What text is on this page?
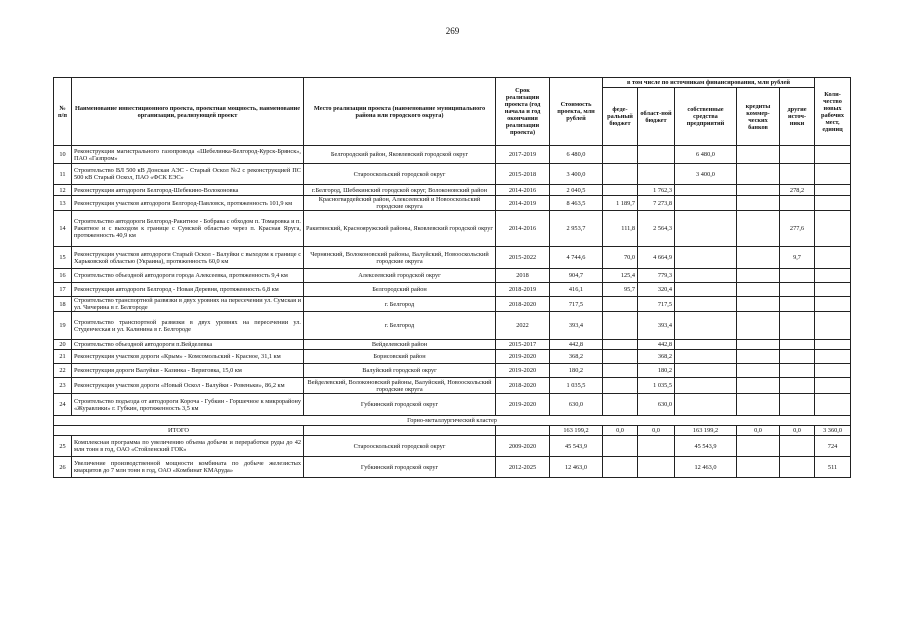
269
№ п/п	Наименование инвестиционного проекта, проектная мощность, наименование организации, реализующей проект	Место реализации проекта (наименование муниципального района или городского округа)	Срок реализации проекта (год начала и год окончания реализации проекта)	Стоимость проекта, млн рублей	в том числе по источникам финансирования, млн рублей					Коли-чество новых рабочих мест, единиц
					феде-ральный бюджет	област-ной бюджет	собственные средства предприятий	кредиты коммер-ческих банков	другие источ-ники	
10	Реконструкция магистрального газопровода «Шебелинка-Белгород-Курск-Брянск», ПАО «Газпром»	Белгородский район, Яковлевский городской округ	2017-2019	6 480,0			6 480,0			
11	Строительство ВЛ 500 кВ Донская АЭС - Старый Оскол №2 с реконструкцией ПС 500 кВ Старый Оскол, ПАО «ФСК ЕЭС»	Старооскольский городской округ	2015-2018	3 400,0			3 400,0			
12	Реконструкция автодороги Белгород-Шебекино-Волоконовка	г.Белгород, Шебекинский городской округ, Волоконовский район	2014-2016	2 040,5		1 762,3			278,2	
13	Реконструкция участков автодороги Белгород-Павловск, протяженность 101,9 км	Красногвардейский район, Алексеевский и Новооскольский городские округа	2014-2019	8 463,5	1 189,7	7 273,8				
14	Строительство автодороги Белгород-Ракитное - Бобрава с обходом п. Томаровка и п. Ракитное и с выходом к границе с Сумской областью через п. Красная Яруга, протяженность 40,9 км	Ракитянский, Краснояружский районы, Яковлевский городской округ	2014-2016	2 953,7	111,8	2 564,3			277,6	
15	Реконструкция участков автодороги Старый Оскол - Валуйки с выходом к границе с Харьковской областью (Украина), протяженность 60,0 км	Чернянский, Волоконовский районы, Валуйский, Новооскольский городские округа	2015-2022	4 744,6	70,0	4 664,9			9,7	
16	Строительство объездной автодороги города Алексеевка, протяженность 9,4 км	Алексеевский городской округ	2018	904,7	125,4	779,3				
17	Реконструкция автодороги Белгород - Новая Деревня, протяженность 6,8 км	Белгородский район	2018-2019	416,1	95,7	320,4				
18	Строительство транспортной развязки в двух уровнях на пересечении ул. Сумская и ул. Чичерина в г. Белгороде	г. Белгород	2018-2020	717,5		717,5				
19	Строительство транспортной развязки в двух уровнях на пересечении ул. Студенческая и ул. Калинина в г. Белгороде	г. Белгород	2022	393,4		393,4				
20	Строительство объездной автодороги п.Вейделевка	Вейделевский район	2015-2017	442,8		442,8				
21	Реконструкция участков дороги «Крым» - Комсомольский - Красное, 31,1 км	Борисовский район	2019-2020	368,2		368,2				
22	Реконструкция дороги Валуйки - Казинка - Вериговка, 15,0 км	Валуйский городской округ	2019-2020	180,2		180,2				
23	Реконструкция участков дороги «Новый Оскол - Валуйки - Ровеньки», 86,2 км	Вейделевский, Волоконовский районы, Валуйский, Новооскольский городские округа	2018-2020	1 035,5		1 035,5				
24	Строительство подъезда от автодороги Короча - Губкин - Горшечное к микрорайону «Журавлики» г. Губкин, протяженность 3,5 км	Губкинский городской округ	2019-2020	630,0		630,0				
Горно-металлургический кластер										
ИТОГО				163 199,2	0,0	0,0	163 199,2	0,0	0,0	3 360,0
25	Комплексная программа по увеличению объема добычи и переработки руды до 42 млн тонн в год, ОАО «Стойленский ГОК»	Старооскольский городской округ	2009-2020	45 543,9			45 543,9			724
26	Увеличение производственной мощности комбината по добыче железистых кварцитов до 7 млн тонн в год, ОАО «Комбинат КМАруда»	Губкинский городской округ	2012-2025	12 463,0			12 463,0			511
